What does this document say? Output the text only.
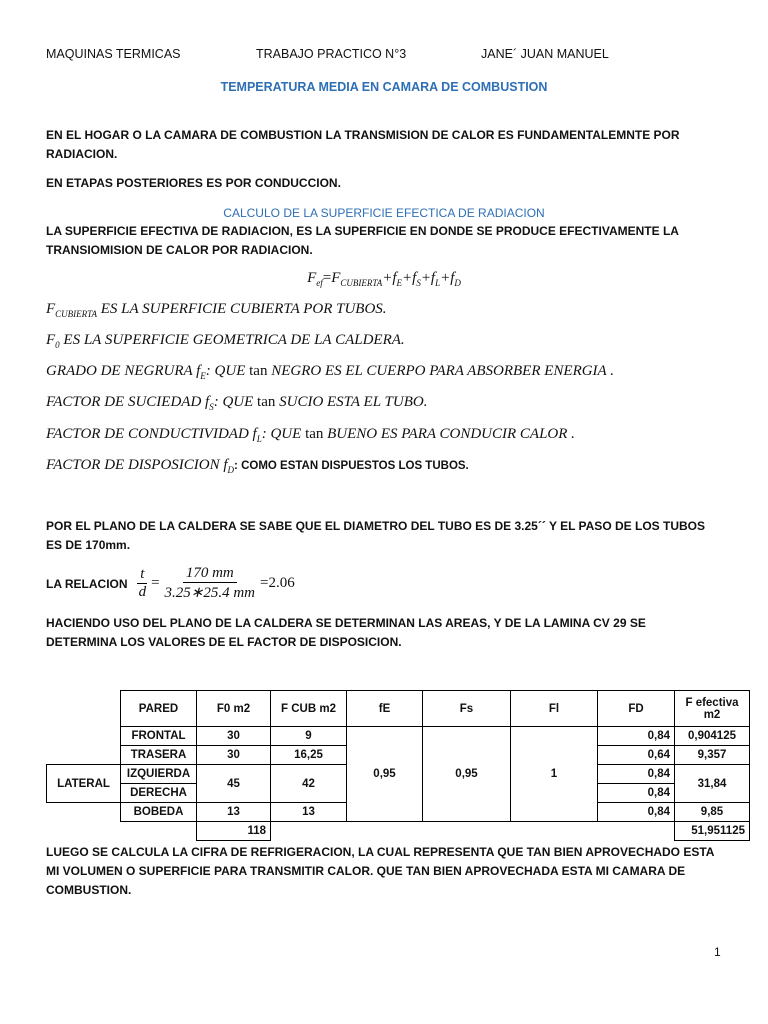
MAQUINAS TERMICAS	TRABAJO PRACTICO N°3	JANE´ JUAN MANUEL
TEMPERATURA MEDIA EN CAMARA DE COMBUSTION
EN EL HOGAR O LA CAMARA DE COMBUSTION LA TRANSMISION DE CALOR ES FUNDAMENTALEMNTE POR RADIACION.
EN ETAPAS POSTERIORES ES POR CONDUCCION.
CALCULO DE LA SUPERFICIE EFECTICA DE RADIACION
LA SUPERFICIE EFECTIVA DE RADIACION, ES LA SUPERFICIE EN DONDE SE PRODUCE EFECTIVAMENTE LA TRANSIOMISION DE CALOR POR RADIACION.
$F_{ef}=F_{CUBIERTA}+f_E+f_S+f_L+f_D$
$F_{CUBIERTA}$ ES LA SUPERFICIE CUBIERTA POR TUBOS.
$F_0$ ES LA SUPERFICIE GEOMETRICA DE LA CALDERA.
GRADO DE NEGRURA $f_E$: QUE tan NEGRO ES EL CUERPO PARA ABSORBER ENERGIA .
FACTOR DE SUCIEDAD $f_S$: QUE tan SUCIO ESTA EL TUBO.
FACTOR DE CONDUCTIVIDAD $f_L$: QUE tan BUENO ES PARA CONDUCIR CALOR .
FACTOR DE DISPOSICION $f_D$: COMO ESTAN DISPUESTOS LOS TUBOS.
POR EL PLANO DE LA CALDERA SE SABE QUE EL DIAMETRO DEL TUBO ES DE 3.25´´ Y EL PASO DE LOS TUBOS ES DE 170mm.
LA RELACION $\frac{t}{d} = \frac{170 mm}{3.25∗25.4 mm} = 2.06$
HACIENDO USO DEL PLANO DE LA CALDERA SE DETERMINAN LAS AREAS, Y DE LA LAMINA CV 29 SE DETERMINA LOS VALORES DE EL FACTOR DE DISPOSICION.
	PARED	F0 m2	F CUB m2	fE	Fs	Fl	FD	F efectiva m2
	FRONTAL	30	9	0,95	0,95	1	0,84	0,904125
	TRASERA	30	16,25				0,64	9,357
LATERAL	IZQUIERDA	45	42				0,84	31,84
	DERECHA						0,84	
	BOBEDA	13	13				0,84	9,85
		118						51,951125
LUEGO SE CALCULA LA CIFRA DE REFRIGERACION, LA CUAL REPRESENTA QUE TAN BIEN APROVECHADO ESTA MI VOLUMEN O SUPERFICIE PARA TRANSMITIR CALOR. QUE TAN BIEN APROVECHADA ESTA MI CAMARA DE COMBUSTION.
1
